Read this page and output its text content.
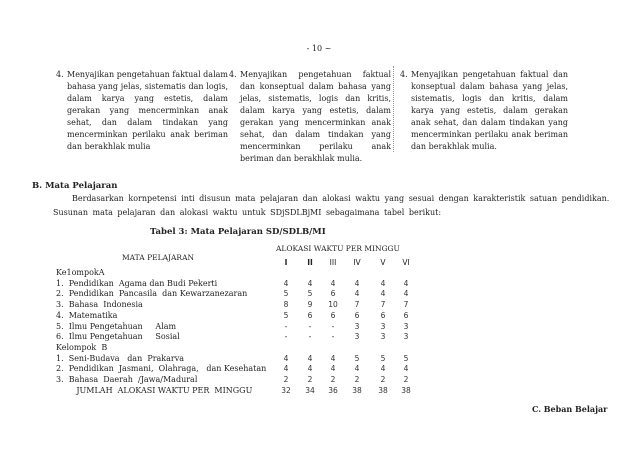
- 10 ~
4. Menyajikan pengetahuan faktual dalam bahasa yang jelas, sistematis dan logis, dalam karya yang estetis, dalam gerakan yang mencerminkan anak sehat, dan dalam tindakan yang mencerminkan perilaku anak beriman dan berakhlak mulia
4. Menyajikan pengetahuan faktual dan konseptual dalam bahasa yang jelas, sistematis, logis dan kritis, dalam karya yang estetis, dalam gerakan yang mencerminkan anak sehat, dan dalam tindakan yang mencerminkan perilaku anak beriman dan berakhlak mulia.
4. Menyajikan pengetahuan faktual dan konseptual dalam bahasa yang jelas, sistematis, logis dan kritis, dalam karya yang estetis, dalam gerakan anak sehat, dan dalam tindakan yang mencerminkan perilaku anak beriman dan berakhlak mulia.
B. Mata Pelajaran
Berdasarkan kornpetensi inti disusun mata pelajaran dan alokasi waktu yang sesuai dengan karakteristik satuan pendidikan.
Susunan mata pelajaran dan alokasi waktu untuk SDjSDLBjMI sebagaimana tabel berikut:
Tabel 3: Mata Pelajaran SD/SDLB/MI
MATA PELAJARAN
ALOKASI WAKTU PER MINGGU
I	II	III	IV	V	VI
Ke1ompokA
1.  Pendidikan  Agama dan Budi Pekerti	4	4	4	4	4	4
2.  Pendidikan  Pancasila  dan Kewarzanezaran	5	5	6	4	4	4
3.  Bahasa  Indonesia	8	9	10	7	7	7
4.  Matematika	5	6	6	6	6	6
5.  Ilmu Pengetahuan     Alam	-	-	-	3	3	3
6.  Ilmu Pengetahuan     Sosial	-	-	-	3	3	3
Kelompok  B
1.  Seni-Budava   dan  Prakarva	4	4	4	5	5	5
2.  Pendidikan  Jasmani,  Olahraga,   dan Kesehatan	4	4	4	4	4	4
3.  Bahasa  Daerah  /Jawa/Madural	2	2	2	2	2	2
JUMLAH  ALOKASI WAKTU PER  MINGGU	32	34	36	38	38	38
C. Beban Belajar
